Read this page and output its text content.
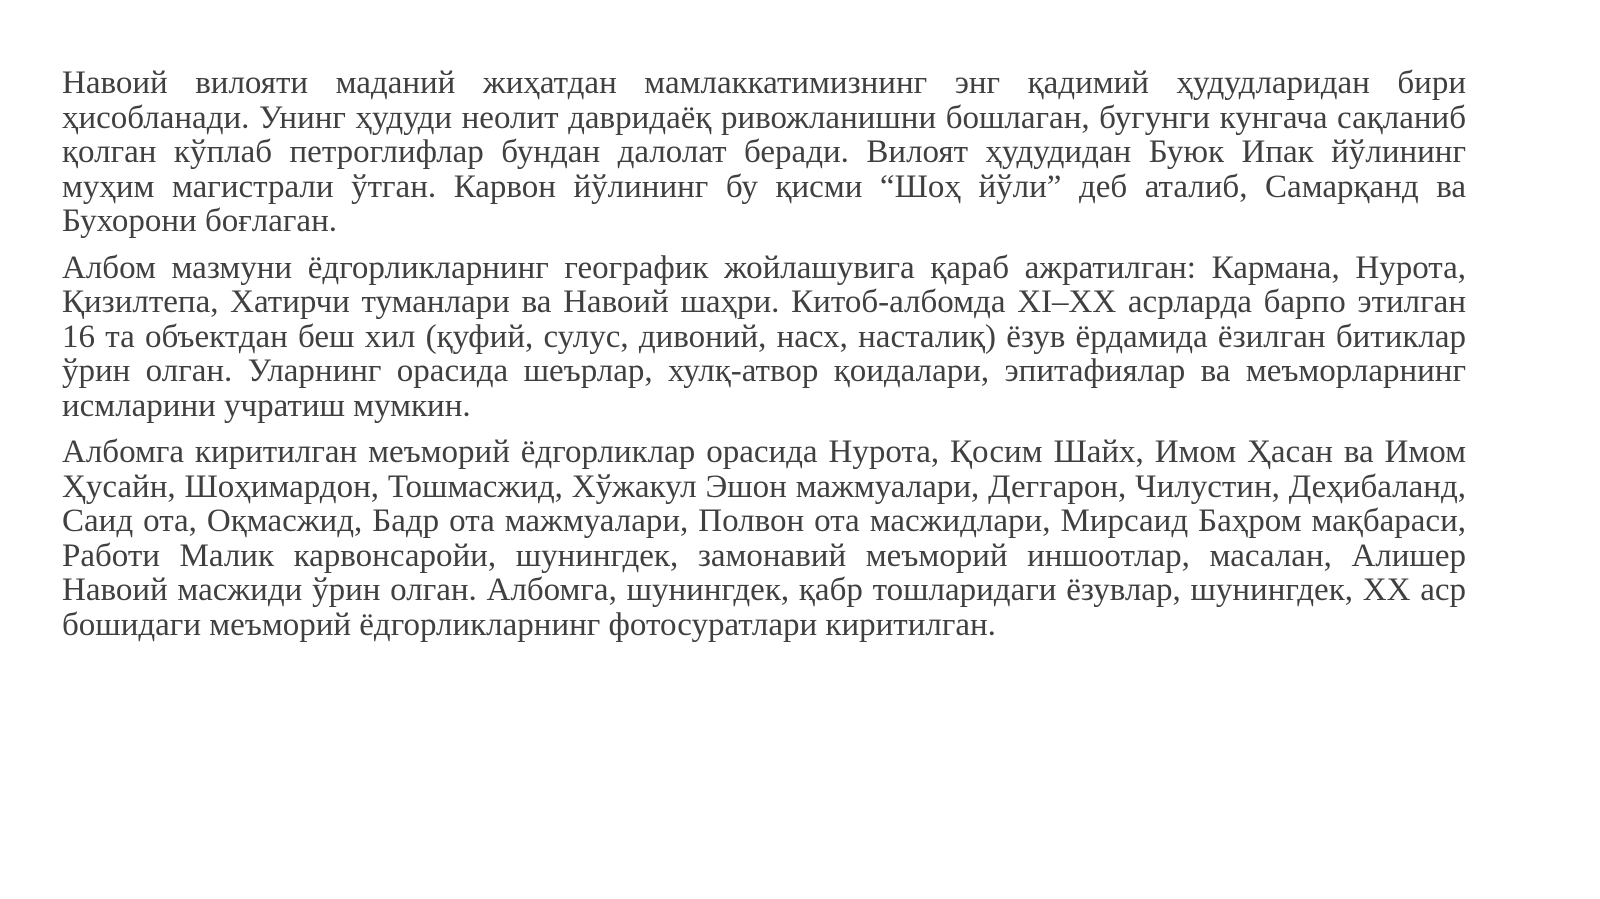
Навоий вилояти маданий жиҳатдан мамлаккатимизнинг энг қадимий ҳудудларидан бири ҳисобланади. Унинг ҳудуди неолит давридаёқ ривожланишни бошлаган, бугунги кунгача сақланиб қолган кўплаб петроглифлар бундан далолат беради. Вилоят ҳудудидан Буюк Ипак йўлининг муҳим магистрали ўтган. Карвон йўлининг бу қисми “Шоҳ йўли” деб аталиб, Самарқанд ва Бухорони боғлаган.

Албом мазмуни ёдгорликларнинг географик жойлашувига қараб ажратилган: Кармана, Нурота, Қизилтепа, Хатирчи туманлари ва Навоий шаҳри. Китоб-албомда XI–XX асрларда барпо этилган 16 та объектдан беш хил (қуфий, сулус, дивоний, насх, насталиқ) ёзув ёрдамида ёзилган битиклар ўрин олган. Уларнинг орасида шеърлар, хулқ-атвор қоидалари, эпитафиялар ва меъморларнинг исмларини учратиш мумкин.

Албомга киритилган меъморий ёдгорликлар орасида Нурота, Қосим Шайх, Имом Ҳасан ва Имом Ҳусайн, Шоҳимардон, Тошмасжид, Хўжакул Эшон мажмуалари, Деггарон, Чилустин, Деҳибаланд, Саид ота, Оқмасжид, Бадр ота мажмуалари, Полвон ота масжидлари, Мирсаид Баҳром мақбараси, Работи Малик карвонсаройи, шунингдек, замонавий меъморий иншоотлар, масалан, Алишер Навоий масжиди ўрин олган. Албомга, шунингдек, қабр тошларидаги ёзувлар, шунингдек, XX аср бошидаги меъморий ёдгорликларнинг фотосуратлари киритилган.
